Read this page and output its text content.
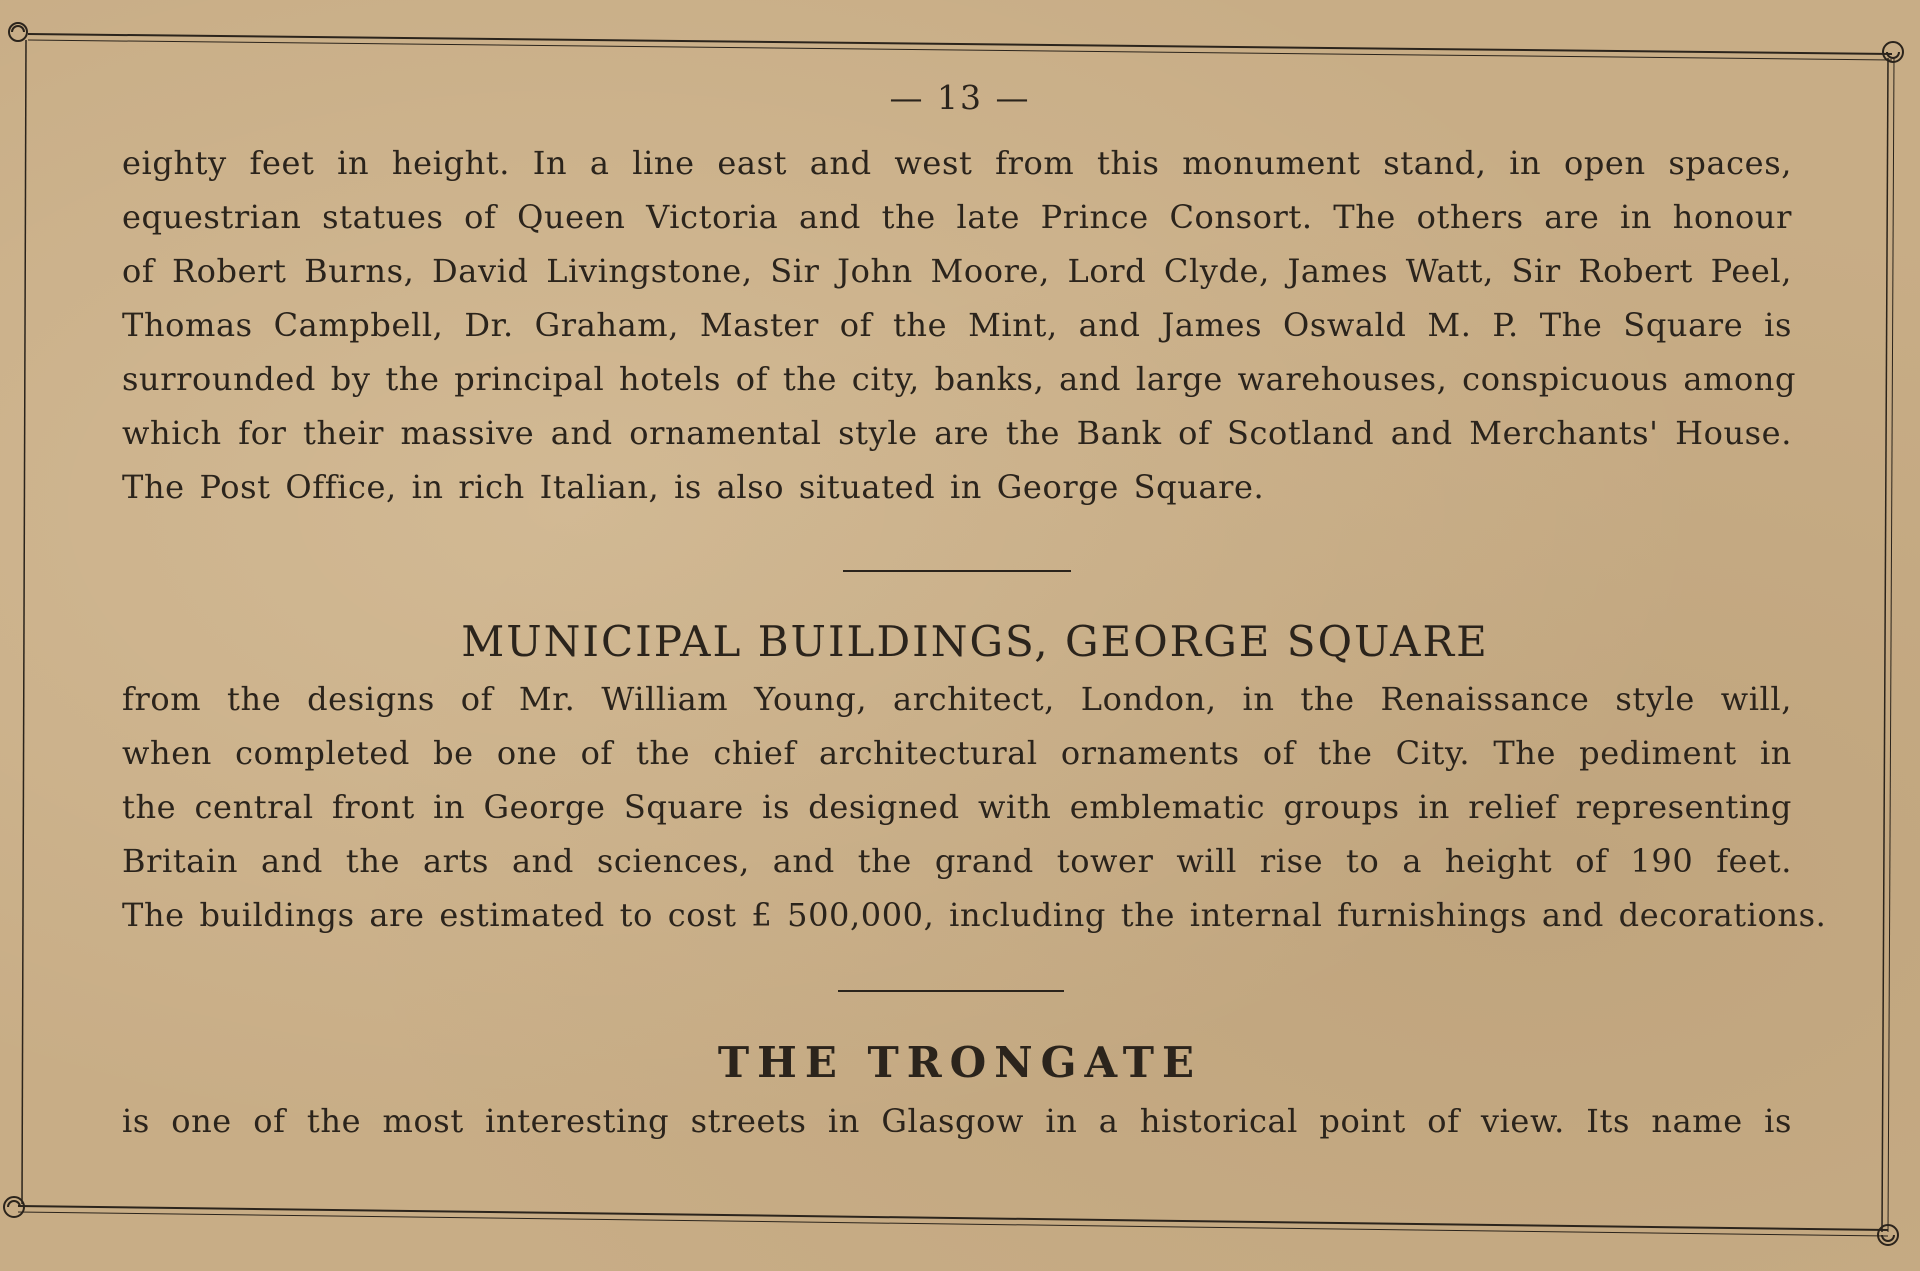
— 13 —
eighty feet in height. In a line east and west from this monument stand, in open spaces,
equestrian statues of Queen Victoria and the late Prince Consort. The others are in honour
of Robert Burns, David Livingstone, Sir John Moore, Lord Clyde, James Watt, Sir Robert Peel,
Thomas Campbell, Dr. Graham, Master of the Mint, and James Oswald M. P. The Square is
surrounded by the principal hotels of the city, banks, and large warehouses, conspicuous among
which for their massive and ornamental style are the Bank of Scotland and Merchants' House.
The Post Office, in rich Italian, is also situated in George Square.
MUNICIPAL BUILDINGS, GEORGE SQUARE
from the designs of Mr. William Young, architect, London, in the Renaissance style will,
when completed be one of the chief architectural ornaments of the City. The pediment in
the central front in George Square is designed with emblematic groups in relief representing
Britain and the arts and sciences, and the grand tower will rise to a height of 190 feet.
The buildings are estimated to cost £ 500,000, including the internal furnishings and decorations.
THE TRONGATE
is one of the most interesting streets in Glasgow in a historical point of view. Its name is
